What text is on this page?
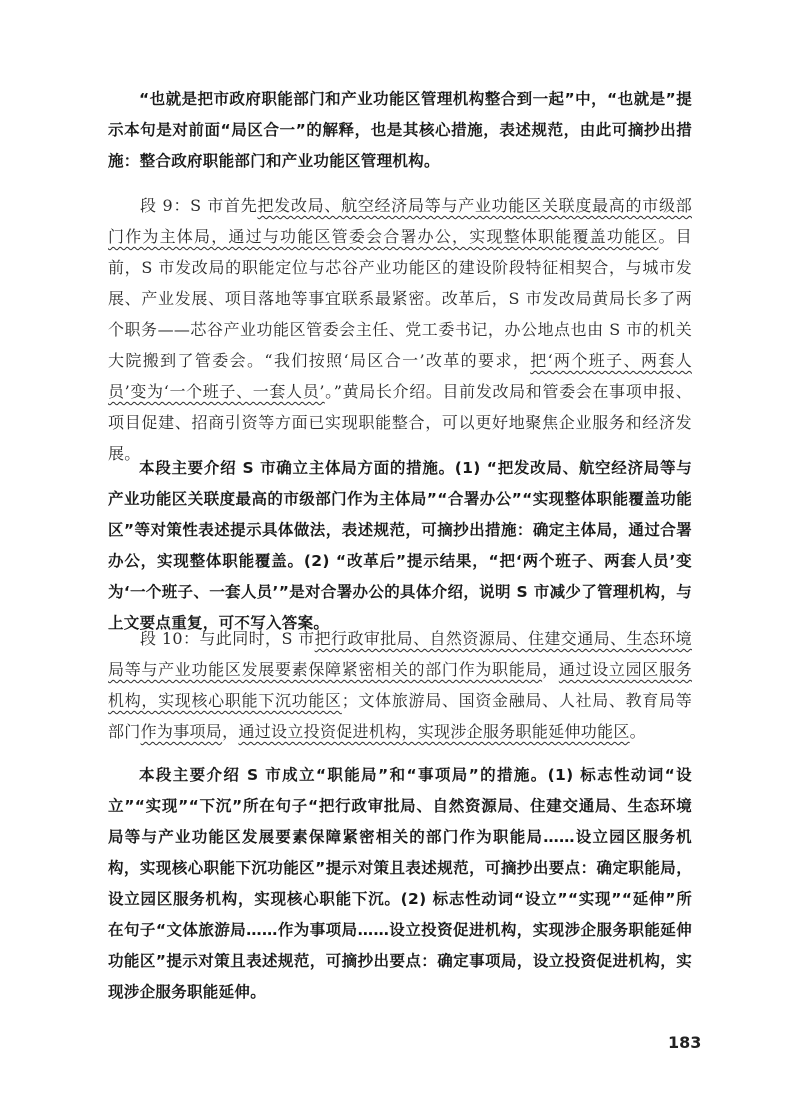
“也就是把市政府职能部门和产业功能区管理机构整合到一起”中，“也就是”提示本句是对前面“局区合一”的解释，也是其核心措施，表述规范，由此可摘抄出措施：整合政府职能部门和产业功能区管理机构。

段 9：S 市首先把发改局、航空经济局等与产业功能区关联度最高的市级部门作为主体局，通过与功能区管委会合署办公，实现整体职能覆盖功能区。目前，S 市发改局的职能定位与芯谷产业功能区的建设阶段特征相契合，与城市发展、产业发展、项目落地等事宜联系最紧密。改革后，S 市发改局黄局长多了两个职务——芯谷产业功能区管委会主任、党工委书记，办公地点也由 S 市的机关大院搬到了管委会。“我们按照‘局区合一’改革的要求，把‘两个班子、两套人员’变为‘一个班子、一套人员’。”黄局长介绍。目前发改局和管委会在事项申报、项目促建、招商引资等方面已实现职能整合，可以更好地聚焦企业服务和经济发展。

本段主要介绍 S 市确立主体局方面的措施。(1) “把发改局、航空经济局等与产业功能区关联度最高的市级部门作为主体局”“合署办公”“实现整体职能覆盖功能区”等对策性表述提示具体做法，表述规范，可摘抄出措施：确定主体局，通过合署办公，实现整体职能覆盖。(2) “改革后”提示结果，“把‘两个班子、两套人员’变为‘一个班子、一套人员’”是对合署办公的具体介绍，说明 S 市减少了管理机构，与上文要点重复，可不写入答案。

段 10：与此同时，S 市把行政审批局、自然资源局、住建交通局、生态环境局等与产业功能区发展要素保障紧密相关的部门作为职能局，通过设立园区服务机构，实现核心职能下沉功能区；文体旅游局、国资金融局、人社局、教育局等部门作为事项局，通过设立投资促进机构，实现涉企服务职能延伸功能区。

本段主要介绍 S 市成立“职能局”和“事项局”的措施。(1) 标志性动词“设立”“实现”“下沉”所在句子“把行政审批局、自然资源局、住建交通局、生态环境局等与产业功能区发展要素保障紧密相关的部门作为职能局……设立园区服务机构，实现核心职能下沉功能区”提示对策且表述规范，可摘抄出要点：确定职能局，设立园区服务机构，实现核心职能下沉。(2) 标志性动词“设立”“实现”“延伸”所在句子“文体旅游局……作为事项局……设立投资促进机构，实现涉企服务职能延伸功能区”提示对策且表述规范，可摘抄出要点：确定事项局，设立投资促进机构，实现涉企服务职能延伸。

183
